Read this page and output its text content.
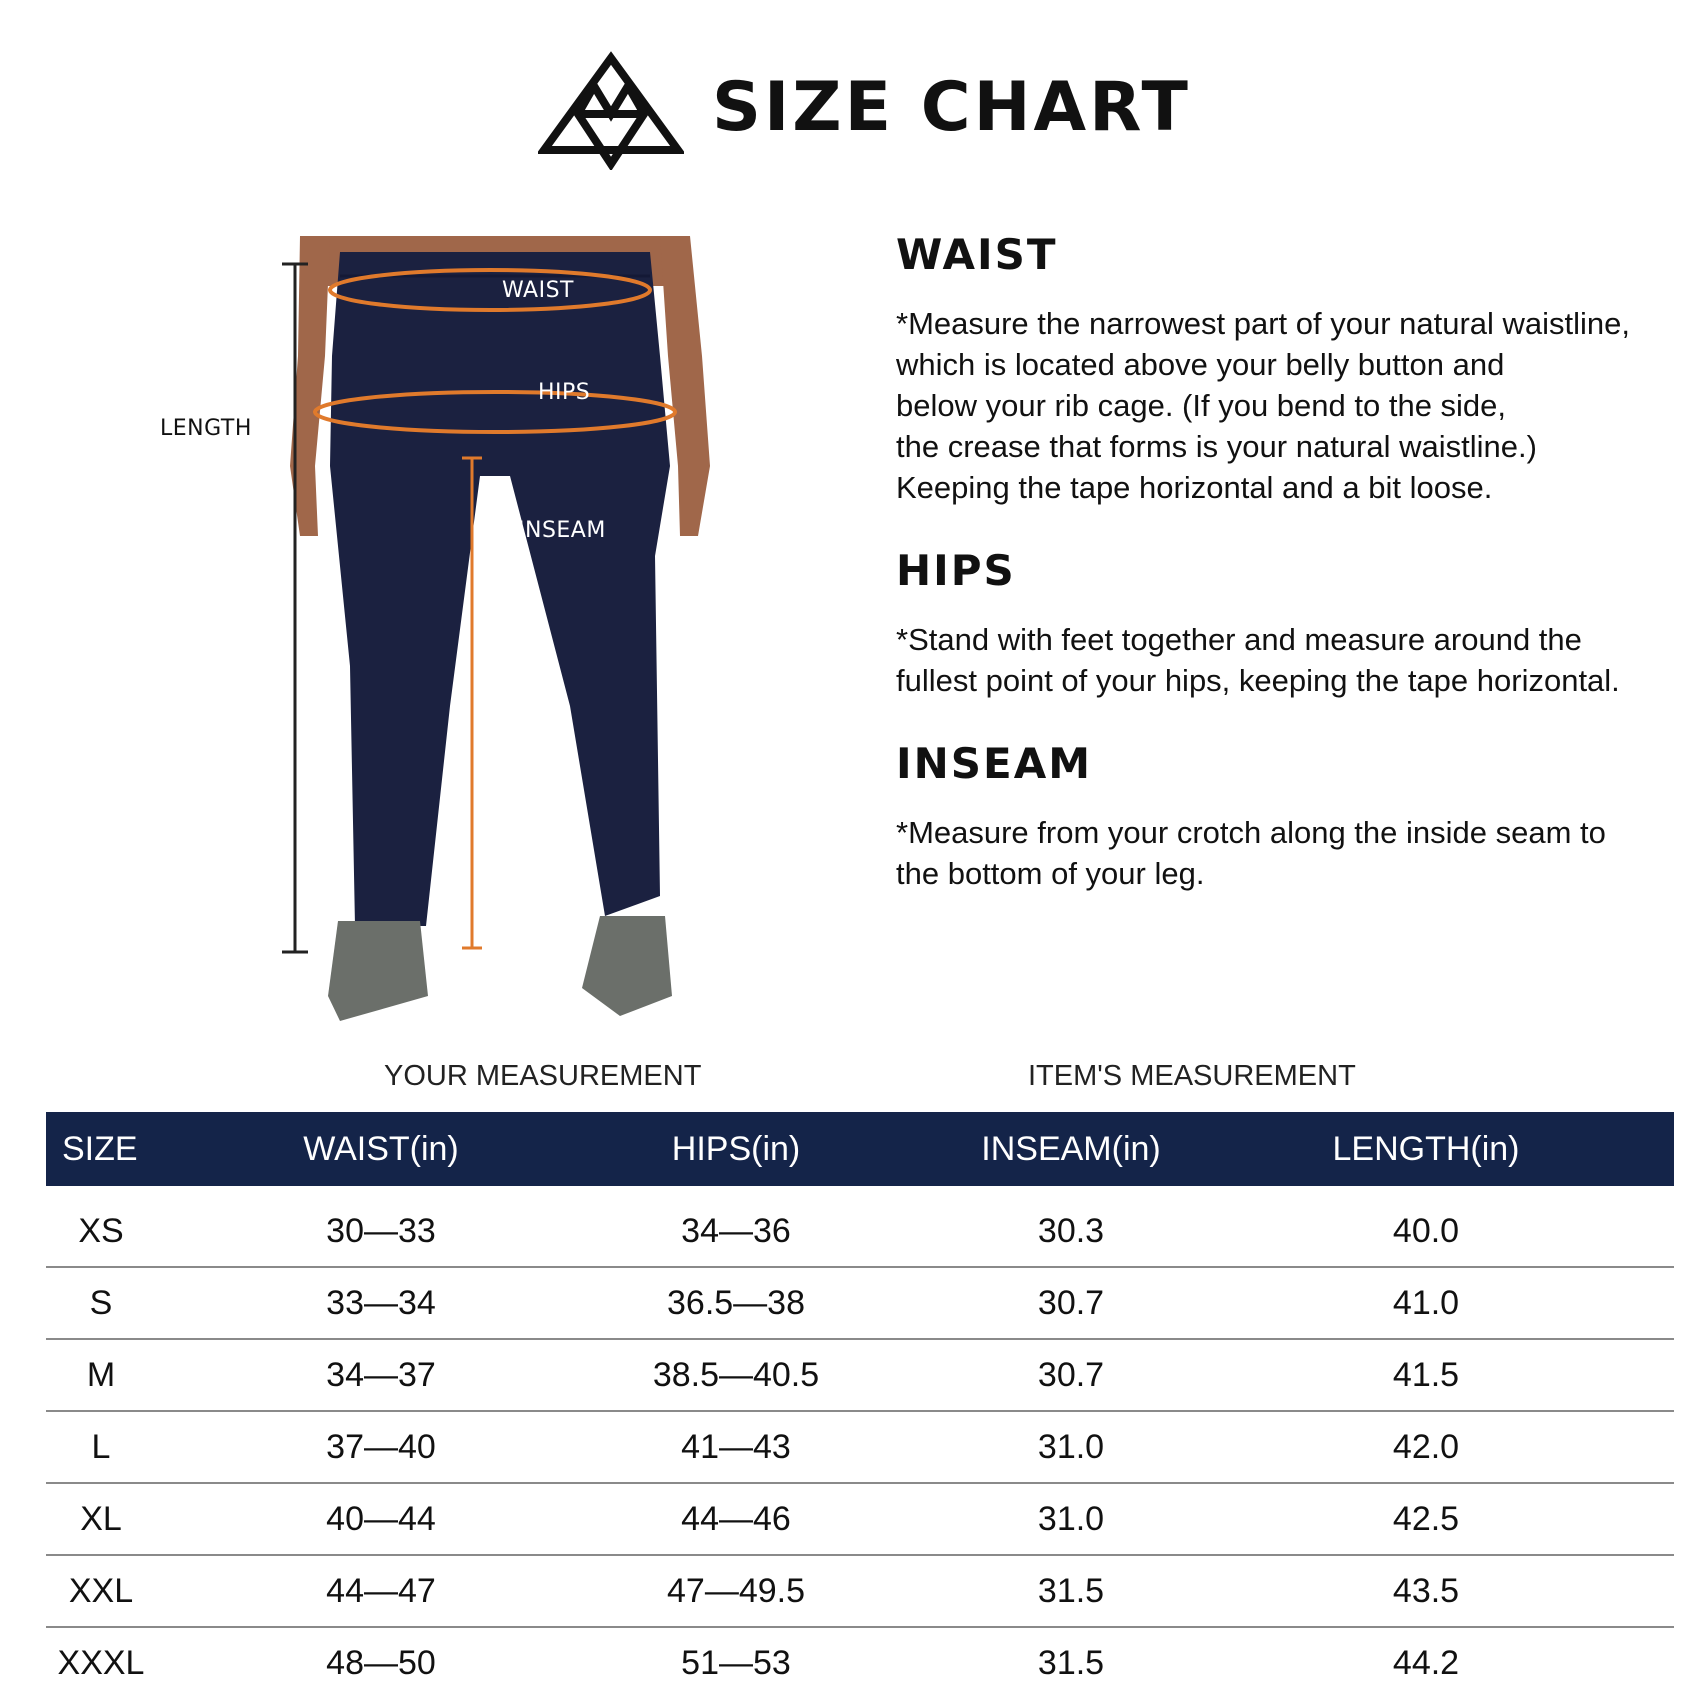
SIZE CHART
LENGTH
WAIST
HIPS
INSEAM
WAIST

*Measure the narrowest part of your natural waistline,
which is located above your belly button and
below your rib cage. (If you bend to the side,
the crease that forms is your natural waistline.)
Keeping the tape horizontal and a bit loose.

HIPS

*Stand with feet together and measure around the
fullest point of your hips, keeping the tape horizontal.

INSEAM

*Measure from your crotch along the inside seam to
the bottom of your leg.

YOUR MEASUREMENT	ITEM'S MEASUREMENT
SIZE	WAIST(in)	HIPS(in)	INSEAM(in)	LENGTH(in)
XS	30—33	34—36	30.3	40.0
S	33—34	36.5—38	30.7	41.0
M	34—37	38.5—40.5	30.7	41.5
L	37—40	41—43	31.0	42.0
XL	40—44	44—46	31.0	42.5
XXL	44—47	47—49.5	31.5	43.5
XXXL	48—50	51—53	31.5	44.2
